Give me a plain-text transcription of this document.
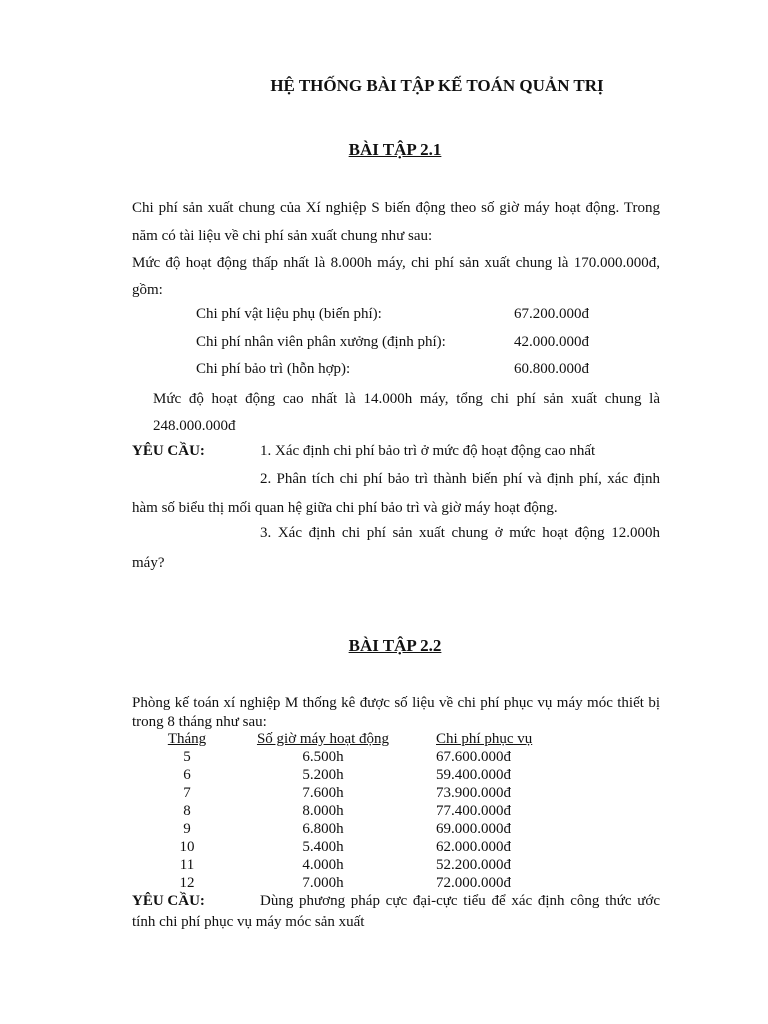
HỆ THỐNG BÀI TẬP KẾ TOÁN QUẢN TRỊ
BÀI TẬP 2.1
Chi phí sản xuất chung của Xí nghiệp S biến động theo số giờ máy hoạt động. Trong
năm có tài liệu về chi phí sản xuất chung như sau:
Mức độ hoạt động thấp nhất là 8.000h máy, chi phí sản xuất chung là 170.000.000đ,
gồm:
Chi phí vật liệu phụ (biến phí):	67.200.000đ
Chi phí nhân viên phân xưởng (định phí):	42.000.000đ
Chi phí bảo trì (hỗn hợp):	60.800.000đ
Mức độ hoạt động cao nhất là 14.000h máy, tổng chi phí sản xuất chung là
248.000.000đ
YÊU CẦU:	1. Xác định chi phí bảo trì ở mức độ hoạt động cao nhất
2. Phân tích chi phí bảo trì thành biến phí và định phí, xác định
hàm số biểu thị mối quan hệ giữa chi phí bảo trì và giờ máy hoạt động.
3. Xác định chi phí sản xuất chung ở mức hoạt động 12.000h
máy?
BÀI TẬP 2.2
Phòng kế toán xí nghiệp M thống kê được số liệu về chi phí phục vụ máy móc thiết bị
trong 8 tháng như sau:
Tháng	Số giờ máy hoạt động	Chi phí phục vụ
5	6.500h	67.600.000đ
6	5.200h	59.400.000đ
7	7.600h	73.900.000đ
8	8.000h	77.400.000đ
9	6.800h	69.000.000đ
10	5.400h	62.000.000đ
11	4.000h	52.200.000đ
12	7.000h	72.000.000đ
YÊU CẦU:	Dùng phương pháp cực đại-cực tiểu để xác định công thức ước
tính chi phí phục vụ máy móc sản xuất
